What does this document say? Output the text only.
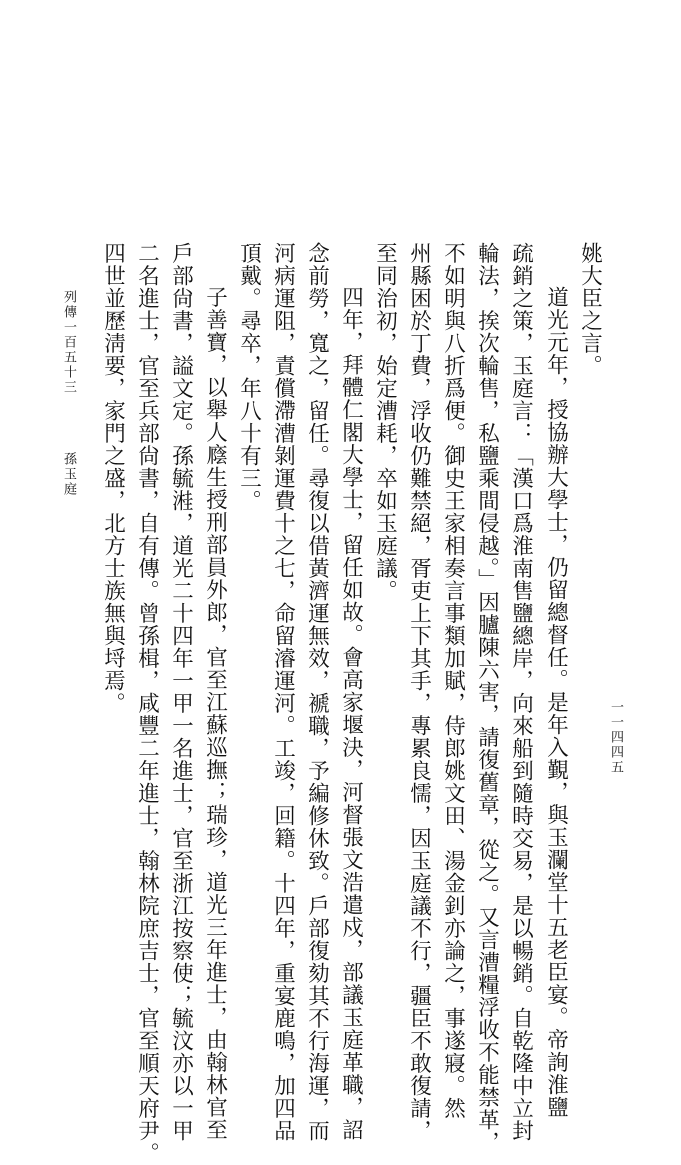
姚大臣之言。
道光元年，授協辦大學士，仍留總督任。是年入覲，與玉瀾堂十五老臣宴。帝詢淮鹽
疏銷之策，玉庭言：「漢口爲淮南售鹽總岸，向來船到隨時交易，是以暢銷。自乾隆中立封
輪法，挨次輪售，私鹽乘間侵越。」因臚陳六害，請復舊章，從之。又言漕糧浮收不能禁革，
不如明與八折爲便。御史王家相奏言事類加賦，侍郎姚文田、湯金釗亦論之，事遂寢。然
州縣困於丁費，浮收仍難禁絕，胥吏上下其手，專累良懦，因玉庭議不行，疆臣不敢復請，
至同治初，始定漕耗，卒如玉庭議。
四年，拜體仁閣大學士，留任如故。會高家堰決，河督張文浩遣戍，部議玉庭革職，詔
念前勞，寬之，留任。尋復以借黃濟運無效，褫職，予編修休致。戶部復劾其不行海運，而
河病運阻，責償滯漕剝運費十之七，命留濬運河。工竣，回籍。十四年，重宴鹿鳴，加四品
頂戴。尋卒，年八十有三。
子善寶，以舉人廕生授刑部員外郎，官至江蘇巡撫；瑞珍，道光三年進士，由翰林官至
戶部尙書，謚文定。孫毓溎，道光二十四年一甲一名進士，官至浙江按察使；毓汶亦以一甲
二名進士，官至兵部尙書，自有傳。曾孫楫，咸豐二年進士，翰林院庶吉士，官至順天府尹。
四世並歷淸要，家門之盛，北方士族無與埒焉。
列傳一百五十三
孫玉庭
一一四四五
